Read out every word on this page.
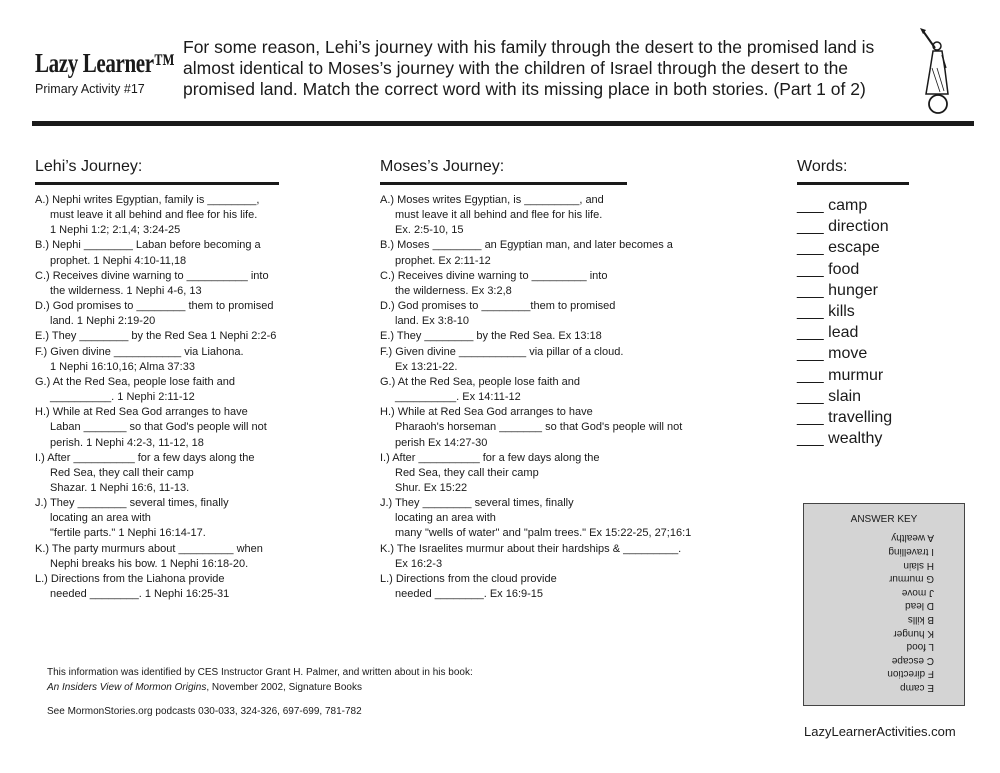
Lazy Learner™
Primary Activity #17
For some reason, Lehi’s journey with his family through the desert to the promised land is almost identical to Moses’s journey with the children of Israel through the desert to the promised land. Match the correct word with its missing place in both stories. (Part 1 of 2)
Lehi’s Journey:
A.) Nephi writes Egyptian, family is ________,
must leave it all behind and flee for his life.
1 Nephi 1:2; 2:1,4; 3:24-25
B.) Nephi ________ Laban before becoming a
prophet. 1 Nephi 4:10-11,18
C.) Receives divine warning to __________ into
the wilderness. 1 Nephi 4-6, 13
D.) God promises to ________ them to promised
land. 1 Nephi 2:19-20
E.) They ________ by the Red Sea 1 Nephi 2:2-6
F.) Given divine ___________ via Liahona.
1 Nephi 16:10,16; Alma 37:33
G.) At the Red Sea, people lose faith and
__________. 1 Nephi 2:11-12
H.) While at Red Sea God arranges to have
Laban _______ so that God's people will not
perish. 1 Nephi 4:2-3, 11-12, 18
I.) After __________ for a few days along the
Red Sea, they call their camp
Shazar. 1 Nephi 16:6, 11-13.
J.) They ________ several times, finally
locating an area with
"fertile parts." 1 Nephi 16:14-17.
K.) The party murmurs about _________ when
Nephi breaks his bow. 1 Nephi 16:18-20.
L.) Directions from the Liahona provide
needed ________. 1 Nephi 16:25-31
Moses’s Journey:
A.) Moses writes Egyptian, is _________, and
must leave it all behind and flee for his life.
Ex. 2:5-10, 15
B.) Moses ________ an Egyptian man, and later becomes a
prophet. Ex 2:11-12
C.) Receives divine warning to _________ into
the wilderness. Ex 3:2,8
D.) God promises to ________them to promised
land. Ex 3:8-10
E.) They ________ by the Red Sea. Ex 13:18
F.) Given divine ___________ via pillar of a cloud.
Ex 13:21-22.
G.) At the Red Sea, people lose faith and
__________. Ex 14:11-12
H.) While at Red Sea God arranges to have
Pharaoh's horseman _______ so that God's people will not
perish Ex 14:27-30
I.) After __________ for a few days along the
Red Sea, they call their camp
Shur. Ex 15:22
J.) They ________ several times, finally
locating an area with
many "wells of water" and "palm trees." Ex 15:22-25, 27;16:1
K.) The Israelites murmur about their hardships & _________.
Ex 16:2-3
L.) Directions from the cloud provide
needed ________. Ex 16:9-15
Words:
___ camp
___ direction
___ escape
___ food
___ hunger
___ kills
___ lead
___ move
___ murmur
___ slain
___ travelling
___ wealthy
ANSWER KEY
E camp
F direction
C escape
L food
K hunger
B kills
D lead
J move
G murmur
H slain
I travelling
A wealthy
This information was identified by CES Instructor Grant H. Palmer, and written about in his book:
An Insiders View of Mormon Origins, November 2002, Signature Books
See MormonStories.org podcasts 030-033, 324-326, 697-699, 781-782
LazyLearnerActivities.com
